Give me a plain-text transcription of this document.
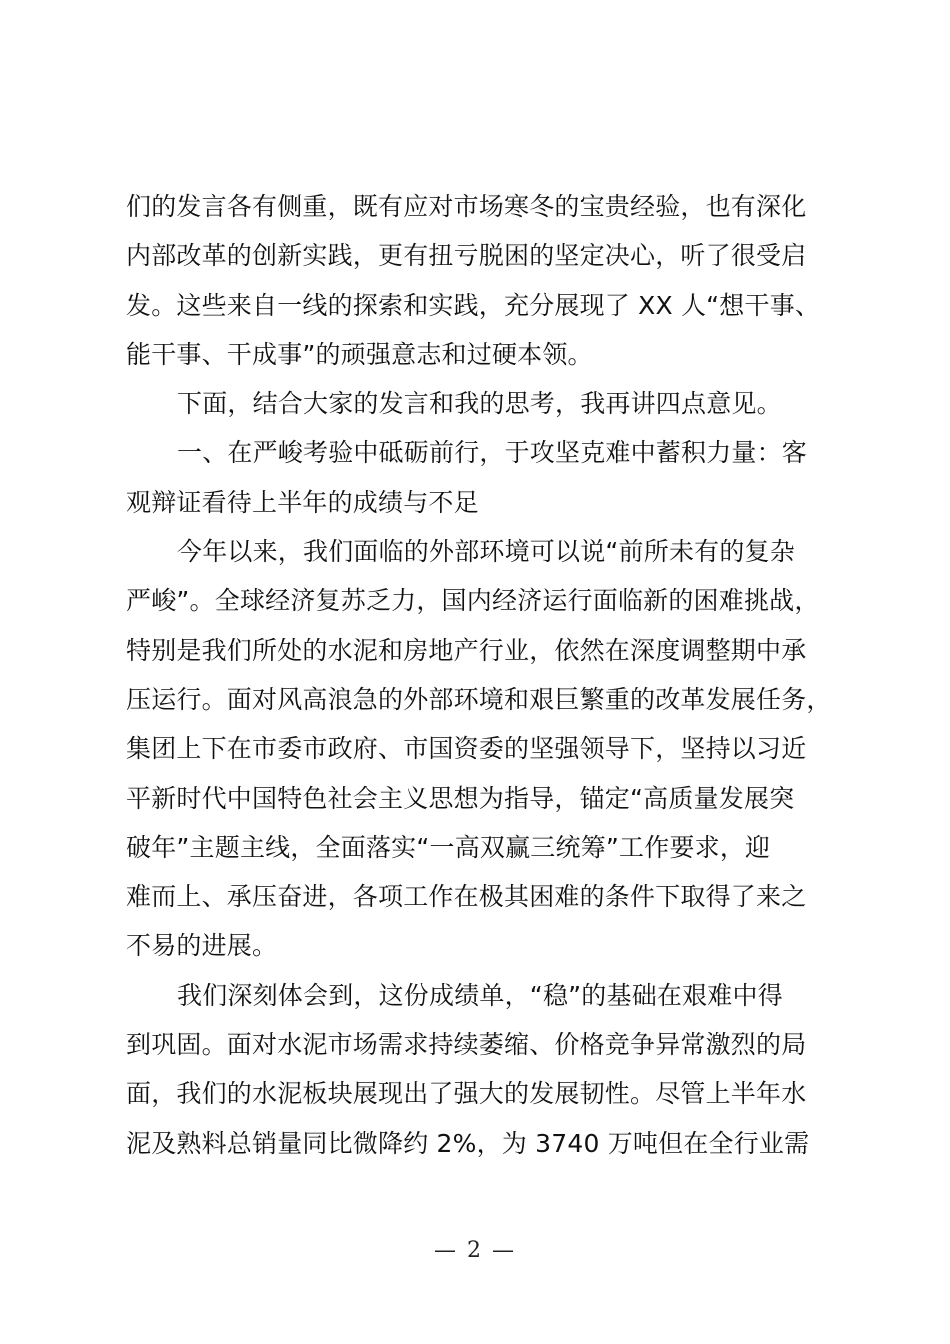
们的发言各有侧重，既有应对市场寒冬的宝贵经验，也有深化
内部改革的创新实践，更有扭亏脱困的坚定决心，听了很受启
发。这些来自一线的探索和实践，充分展现了 XX 人“想干事、
能干事、干成事”的顽强意志和过硬本领。
下面，结合大家的发言和我的思考，我再讲四点意见。
一、在严峻考验中砥砺前行，于攻坚克难中蓄积力量：客
观辩证看待上半年的成绩与不足
今年以来，我们面临的外部环境可以说“前所未有的复杂
严峻”。全球经济复苏乏力，国内经济运行面临新的困难挑战，
特别是我们所处的水泥和房地产行业，依然在深度调整期中承
压运行。面对风高浪急的外部环境和艰巨繁重的改革发展任务，
集团上下在市委市政府、市国资委的坚强领导下，坚持以习近
平新时代中国特色社会主义思想为指导，锚定“高质量发展突
破年”主题主线，全面落实“一高双赢三统筹”工作要求，迎
难而上、承压奋进，各项工作在极其困难的条件下取得了来之
不易的进展。
我们深刻体会到，这份成绩单，“稳”的基础在艰难中得
到巩固。面对水泥市场需求持续萎缩、价格竞争异常激烈的局
面，我们的水泥板块展现出了强大的发展韧性。尽管上半年水
泥及熟料总销量同比微降约 2%，为 3740 万吨但在全行业需
— 2 —
